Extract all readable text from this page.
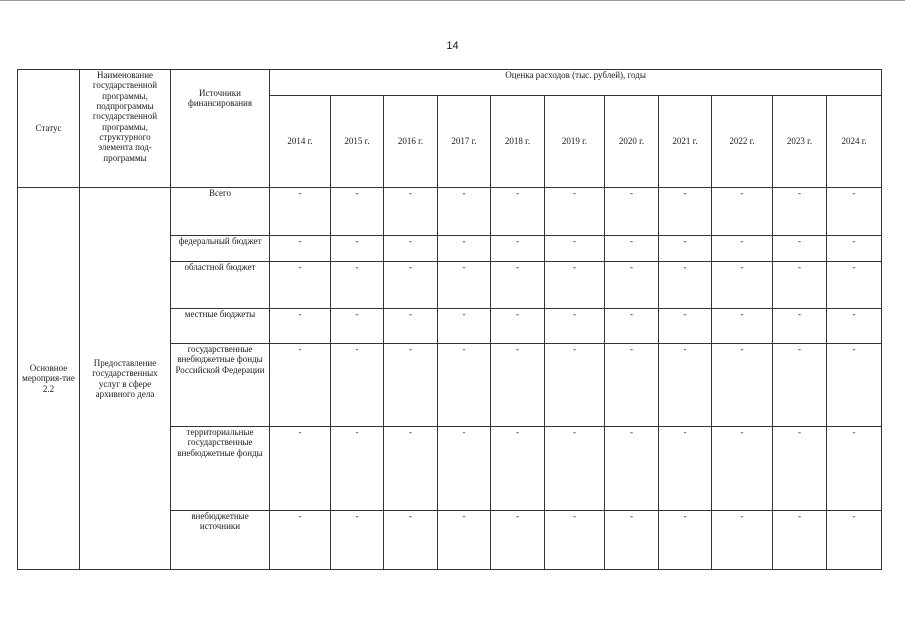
14
Статус	Наименование государственной программы, подпрограммы государственной программы, структурного элемента под-программы	Источники финансирования	Оценка расходов (тыс. рублей), годы										
			2014 г.	2015 г.	2016 г.	2017 г.	2018 г.	2019 г.	2020 г.	2021 г.	2022 г.	2023 г.	2024 г.
Основное мероприя-тие 2.2	Предоставление государственных услуг в сфере архивного дела	Всего	-	-	-	-	-	-	-	-	-	-	-
		федеральный бюджет	-	-	-	-	-	-	-	-	-	-	-
		областной бюджет	-	-	-	-	-	-	-	-	-	-	-
		местные бюджеты	-	-	-	-	-	-	-	-	-	-	-
		государственные внебюджетные фонды Российской Федерации	-	-	-	-	-	-	-	-	-	-	-
		территориальные государственные внебюджетные фонды	-	-	-	-	-	-	-	-	-	-	-
		внебюджетные источники	-	-	-	-	-	-	-	-	-	-	-
